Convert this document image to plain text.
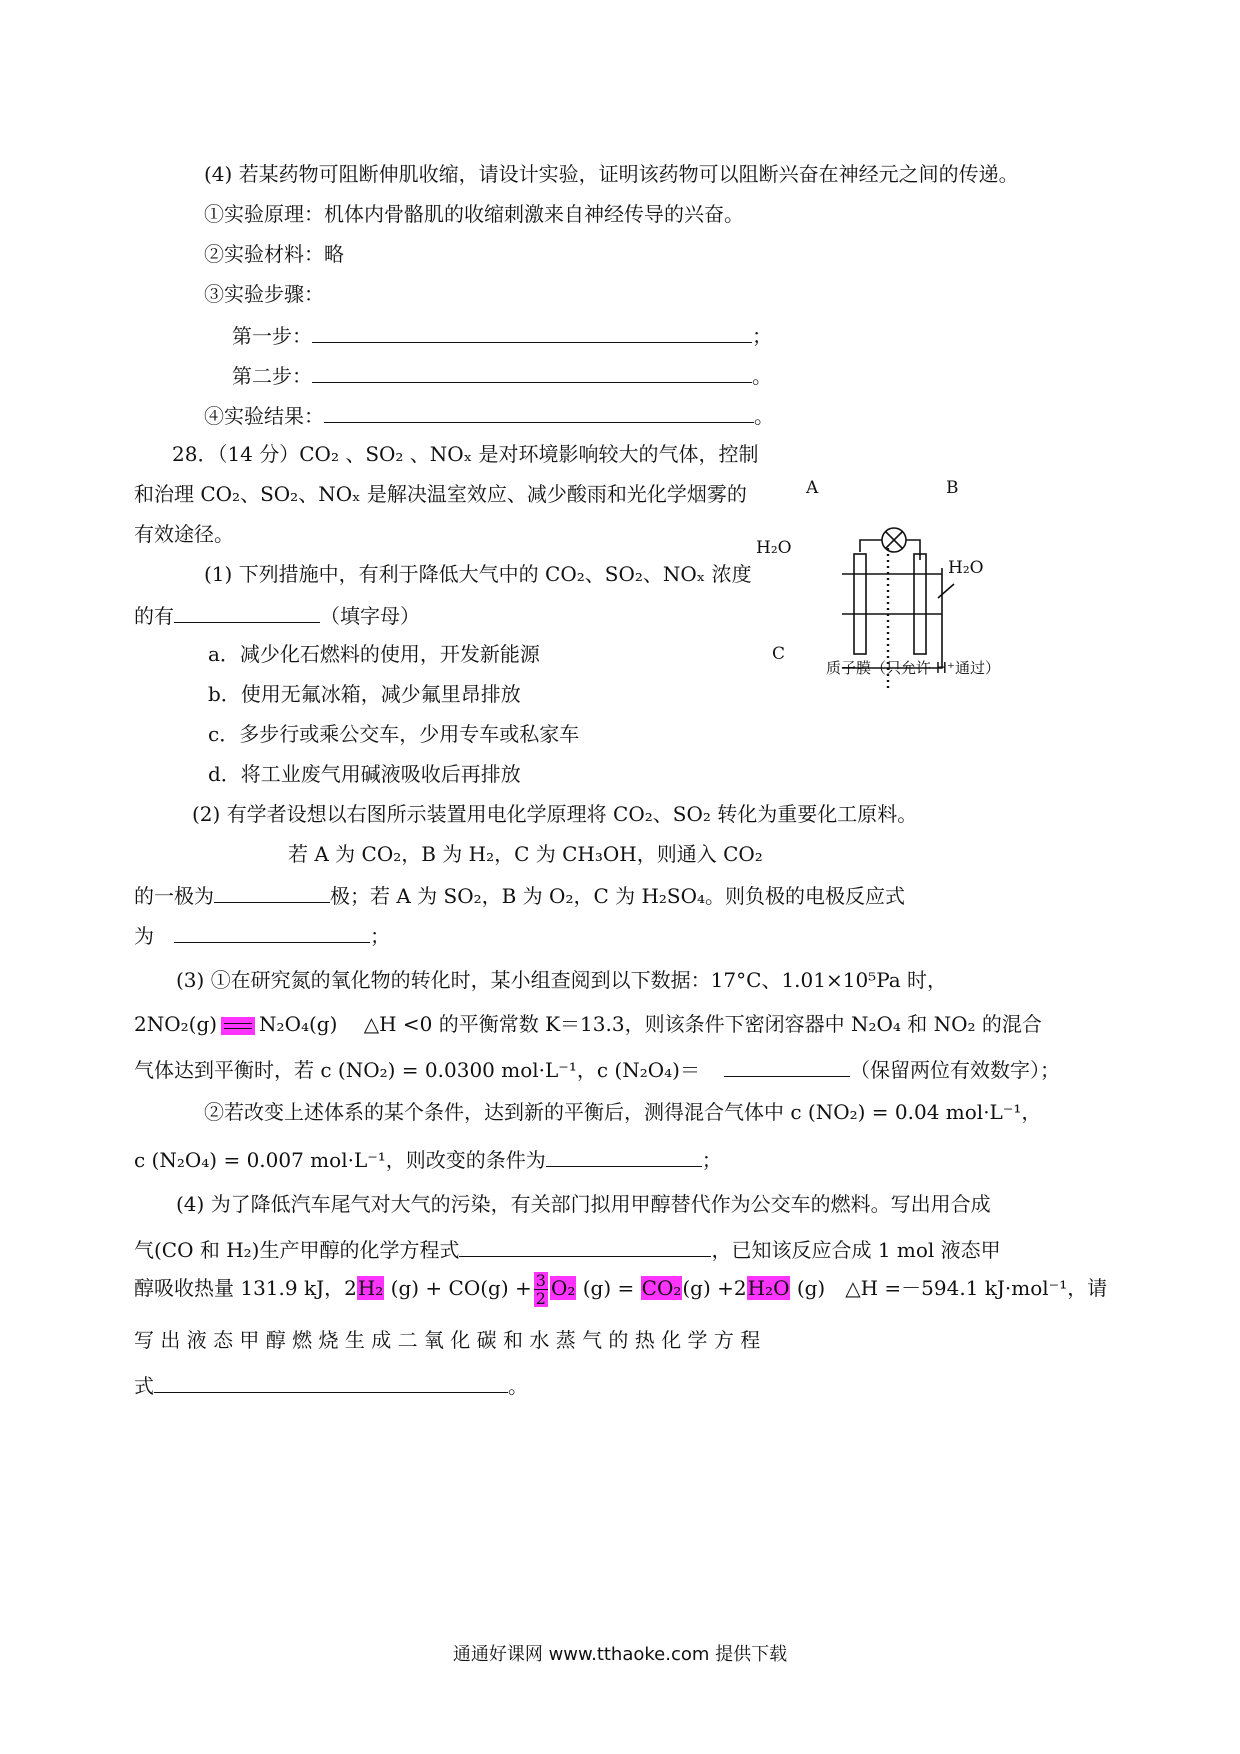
(4) 若某药物可阻断伸肌收缩，请设计实验，证明该药物可以阻断兴奋在神经元之间的传递。
①实验原理：机体内骨骼肌的收缩刺激来自神经传导的兴奋。
②实验材料：略
③实验步骤：
第一步：	；
第二步：	。
④实验结果：	。
28．（14 分）CO₂ 、SO₂ 、NOₓ 是对环境影响较大的气体，控制
和治理 CO₂、SO₂、NOₓ 是解决温室效应、减少酸雨和光化学烟雾的
有效途径。
(1) 下列措施中，有利于降低大气中的 CO₂、SO₂、NOₓ 浓度
的有	（填字母）
a．减少化石燃料的使用，开发新能源
b．使用无氟冰箱，减少氟里昂排放
c．多步行或乘公交车，少用专车或私家车
d．将工业废气用碱液吸收后再排放
(2) 有学者设想以右图所示装置用电化学原理将 CO₂、SO₂ 转化为重要化工原料。
若 A 为 CO₂，B 为 H₂，C 为 CH₃OH，则通入 CO₂
的一极为	极；若 A 为 SO₂，B 为 O₂，C 为 H₂SO₄。则负极的电极反应式
为	；
(3) ①在研究氮的氧化物的转化时，某小组查阅到以下数据：17°C、1.01×10⁵Pa 时，
2NO₂(g) N₂O₄(g)　 △H <0 的平衡常数 K＝13.3，则该条件下密闭容器中 N₂O₄ 和 NO₂ 的混合
气体达到平衡时，若 c (NO₂) = 0.0300 mol·L⁻¹，c (N₂O₄)＝	（保留两位有效数字）；
②若改变上述体系的某个条件，达到新的平衡后，测得混合气体中 c (NO₂) = 0.04 mol·L⁻¹，
c (N₂O₄) = 0.007 mol·L⁻¹，则改变的条件为	；
(4) 为了降低汽车尾气对大气的污染，有关部门拟用甲醇替代作为公交车的燃料。写出用合成
气(CO 和 H₂)生产甲醇的化学方程式	，已知该反应合成 1 mol 液态甲
醇吸收热量 131.9 kJ，2H₂ $(g) + CO(g) + \frac{3}{2} O_2$ (g) = CO₂(g) +2H₂O (g)　△H =－594.1 kJ·mol⁻¹，请
写 出 液 态 甲 醇 燃 烧 生 成 二 氧 化 碳 和 水 蒸 气 的 热 化 学 方 程
式	。
A	B
H₂O
H₂O
C
质子膜（只允许 H⁺通过）
通通好课网 www.tthaoke.com 提供下载
